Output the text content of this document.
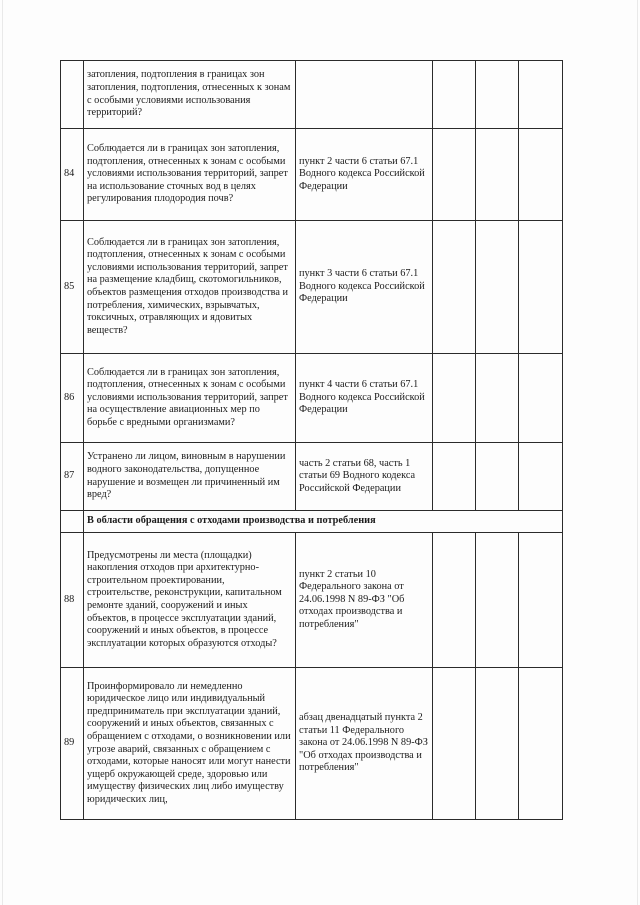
	затопления, подтопления в границах зон затопления, подтопления, отнесенных к зонам с особыми условиями использования территорий?				
84	Соблюдается ли в границах зон затопления, подтопления, отнесенных к зонам с особыми условиями использования территорий, запрет на использование сточных вод в целях регулирования плодородия почв?	пункт 2 части 6 статьи 67.1 Водного кодекса Российской Федерации			
85	Соблюдается ли в границах зон затопления, подтопления, отнесенных к зонам с особыми условиями использования территорий, запрет на размещение кладбищ, скотомогильников, объектов размещения отходов производства и потребления, химических, взрывчатых, токсичных, отравляющих и ядовитых веществ?	пункт 3 части 6 статьи 67.1 Водного кодекса Российской Федерации			
86	Соблюдается ли в границах зон затопления, подтопления, отнесенных к зонам с особыми условиями использования территорий, запрет на осуществление авиационных мер по борьбе с вредными организмами?	пункт 4 части 6 статьи 67.1 Водного кодекса Российской Федерации			
87	Устранено ли лицом, виновным в нарушении водного законодательства, допущенное нарушение и возмещен ли причиненный им вред?	часть 2 статьи 68, часть 1 статьи 69 Водного кодекса Российской Федерации			
	В области обращения с отходами производства и потребления				
88	Предусмотрены ли места (площадки) накопления отходов при архитектурно-строительном проектировании, строительстве, реконструкции, капитальном ремонте зданий, сооружений и иных объектов, в процессе эксплуатации зданий, сооружений и иных объектов, в процессе эксплуатации которых образуются отходы?	пункт 2 статьи 10 Федерального закона от 24.06.1998 N 89-ФЗ "Об отходах производства и потребления"			
89	Проинформировало ли немедленно юридическое лицо или индивидуальный предприниматель при эксплуатации зданий, сооружений и иных объектов, связанных с обращением с отходами, о возникновении или угрозе аварий, связанных с обращением с отходами, которые наносят или могут нанести ущерб окружающей среде, здоровью или имуществу физических лиц либо имуществу юридических лиц,	абзац двенадцатый пункта 2 статьи 11 Федерального закона от 24.06.1998 N 89-ФЗ "Об отходах производства и потребления"			
